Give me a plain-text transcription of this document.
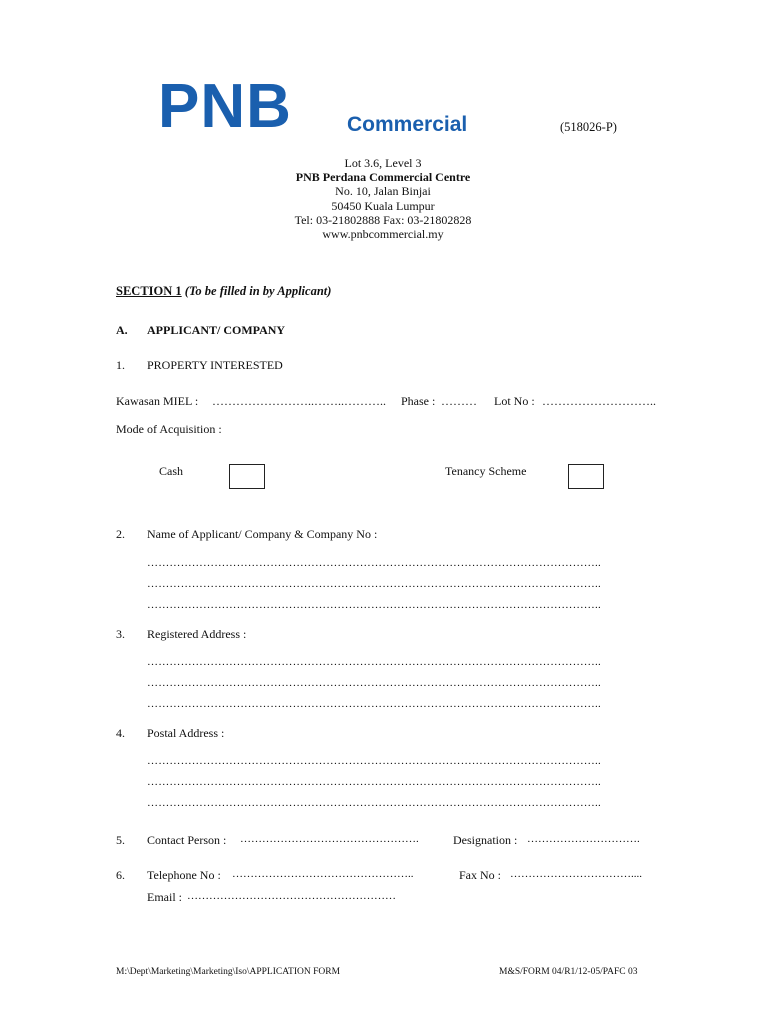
PNB	Commercial	(518026-P)
Lot 3.6, Level 3
PNB Perdana Commercial Centre
No. 10, Jalan Binjai
50450 Kuala Lumpur
Tel: 03-21802888 Fax: 03-21802828
www.pnbcommercial.my
SECTION 1 (To be filled in by Applicant)
A. APPLICANT/ COMPANY
1. PROPERTY INTERESTED
Kawasan MIEL : ……………………..……..……….. Phase : ……… Lot No : ………………………..
Mode of Acquisition :
Cash	Tenancy Scheme
2. Name of Applicant/ Company & Company No :
…………………………………………………………………………………………………………..
…………………………………………………………………………………………………………..
…………………………………………………………………………………………………………..
3. Registered Address :
…………………………………………………………………………………………………………..
…………………………………………………………………………………………………………..
…………………………………………………………………………………………………………..
4. Postal Address :
…………………………………………………………………………………………………………..
…………………………………………………………………………………………………………..
…………………………………………………………………………………………………………..
5. Contact Person : ………………………………………….	Designation : ………………………….
6. Telephone No : …………………………………………..	Fax No : ……………………………....
Email : …………………………………………………
M:\Dept\Marketing\Marketing\Iso\APPLICATION FORM	M&S/FORM 04/R1/12-05/PAFC 03
